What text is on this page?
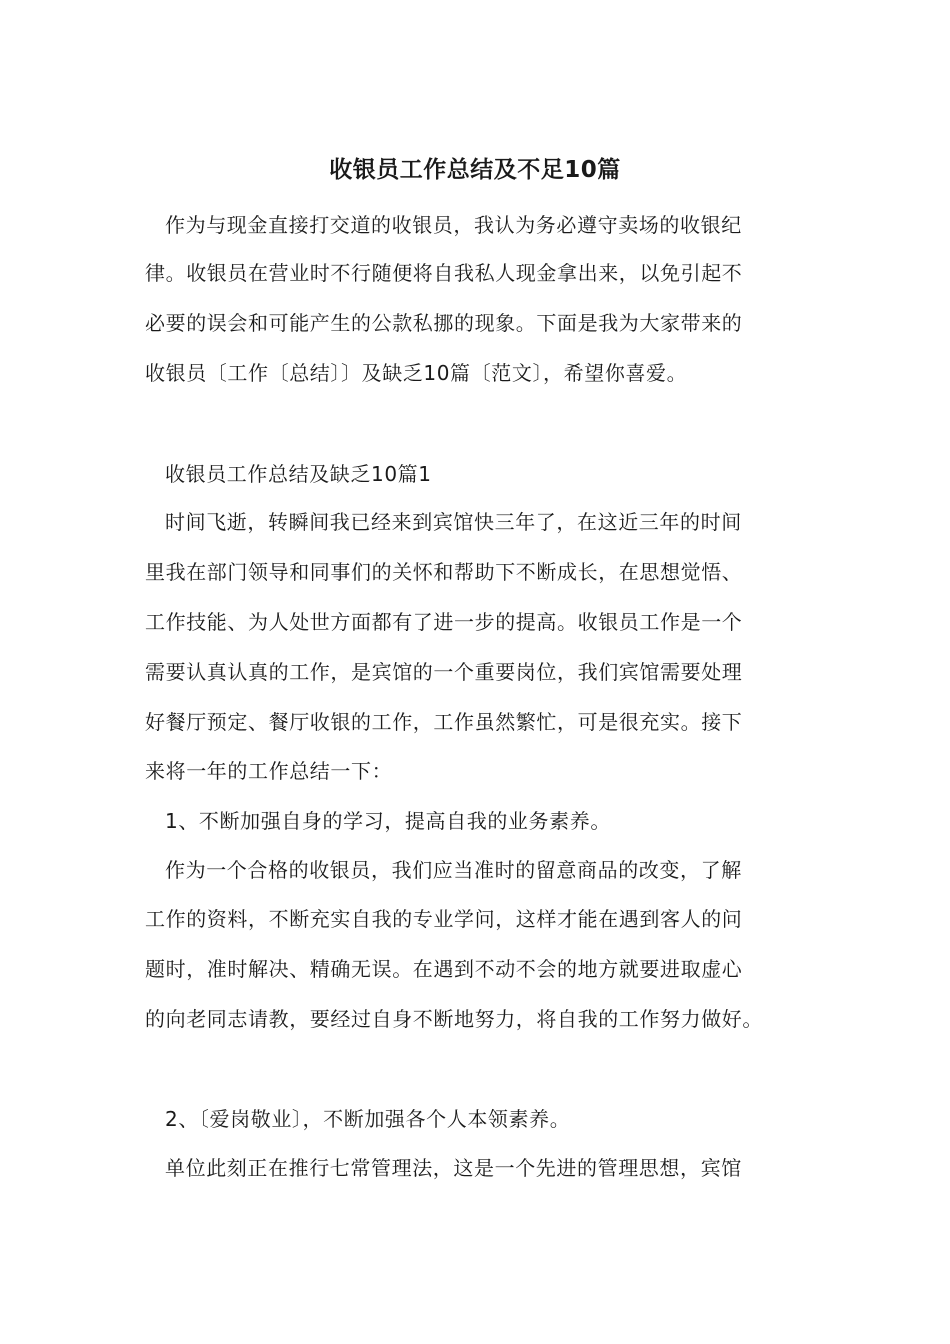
收银员工作总结及不足10篇
作为与现金直接打交道的收银员，我认为务必遵守卖场的收银纪
律。收银员在营业时不行随便将自我私人现金拿出来，以免引起不
必要的误会和可能产生的公款私挪的现象。下面是我为大家带来的
收银员〔工作〔总结〕〕及缺乏10篇〔范文〕，希望你喜爱。
收银员工作总结及缺乏10篇1
时间飞逝，转瞬间我已经来到宾馆快三年了，在这近三年的时间
里我在部门领导和同事们的关怀和帮助下不断成长，在思想觉悟、
工作技能、为人处世方面都有了进一步的提高。收银员工作是一个
需要认真认真的工作，是宾馆的一个重要岗位，我们宾馆需要处理
好餐厅预定、餐厅收银的工作，工作虽然繁忙，可是很充实。接下
来将一年的工作总结一下：
1、不断加强自身的学习，提高自我的业务素养。
作为一个合格的收银员，我们应当准时的留意商品的改变，了解
工作的资料，不断充实自我的专业学问，这样才能在遇到客人的问
题时，准时解决、精确无误。在遇到不动不会的地方就要进取虚心
的向老同志请教，要经过自身不断地努力，将自我的工作努力做好。
2、〔爱岗敬业〕，不断加强各个人本领素养。
单位此刻正在推行七常管理法，这是一个先进的管理思想，宾馆
